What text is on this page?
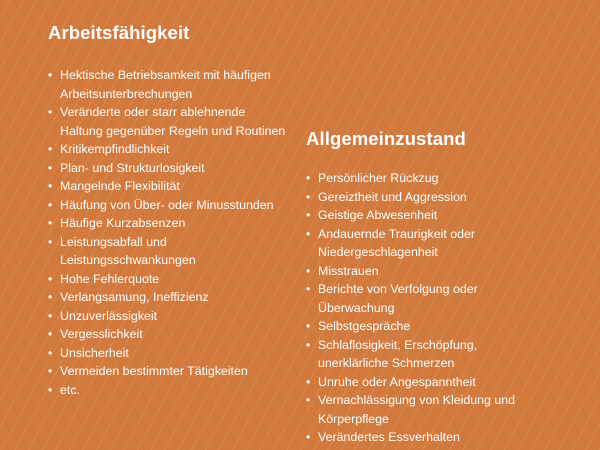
Arbeitsfähigkeit
• Hektische Betriebsamkeit mit häufigen
Arbeitsunterbrechungen
• Veränderte oder starr ablehnende
Haltung gegenüber Regeln und Routinen
• Kritikempfindlichkeit
• Plan- und Strukturlosigkeit
• Mangelnde Flexibilität
• Häufung von Über- oder Minusstunden
• Häufige Kurzabsenzen
• Leistungsabfall und
Leistungsschwankungen
• Hohe Fehlerquote
• Verlangsamung, Ineffizienz
• Unzuverlässigkeit
• Vergesslichkeit
• Unsicherheit
• Vermeiden bestimmter Tätigkeiten
• etc.
Allgemeinzustand
• Persönlicher Rückzug
• Gereiztheit und Aggression
• Geistige Abwesenheit
• Andauernde Traurigkeit oder
Niedergeschlagenheit
• Misstrauen
• Berichte von Verfolgung oder
Überwachung
• Selbstgespräche
• Schlaflosigkeit, Erschöpfung,
unerklärliche Schmerzen
• Unruhe oder Angespanntheit
• Vernachlässigung von Kleidung und
Körperpflege
• Verändertes Essverhalten
